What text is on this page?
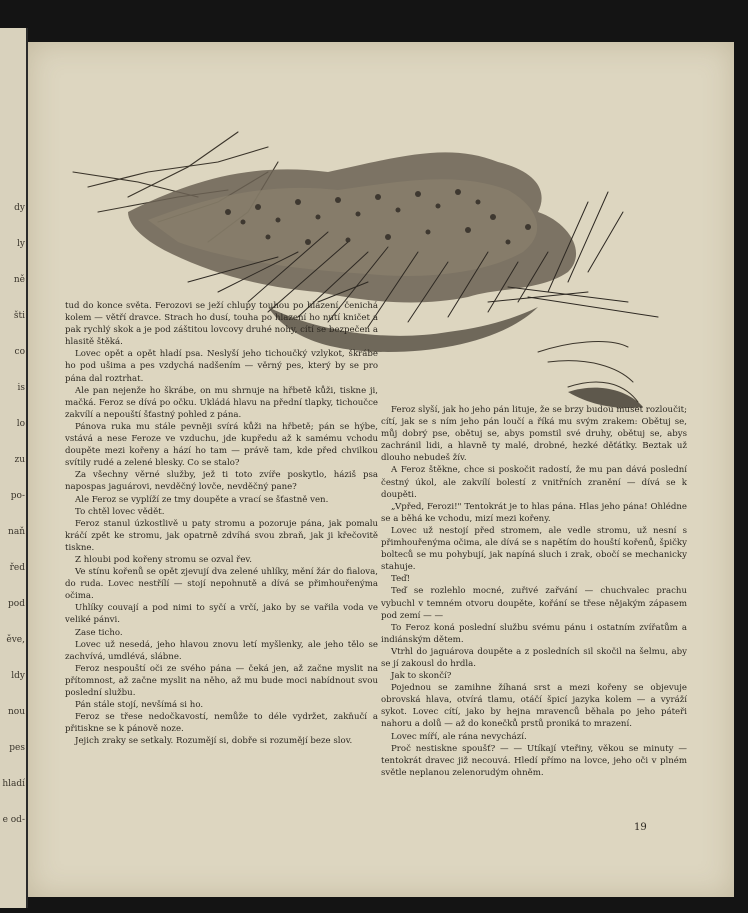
dy
ly
ně
šti
co
is
lo
zu
po-
naň
řed
pod
ěve,
ldy
nou
pes
hladí
e od-

tud do konce světa. Ferozovi se ježí chlupy touhou po hlazení, čenichá kolem — větří dravce. Strach ho dusí, touha po hlazení ho nutí kničet a pak rychlý skok a je pod záštitou lovcovy druhé nohy, cítí se bezpečen a hlasitě štěká.

Lovec opět a opět hladí psa. Neslyší jeho tichoučký vzlykot, škrábe ho pod ušima a pes vzdychá nadšením — věrný pes, který by se pro pána dal roztrhat.

Ale pan nejenže ho škrábe, on mu shrnuje na hřbetě kůži, tiskne ji, mačká. Feroz se dívá po očku. Ukládá hlavu na přední tlapky, tichoučce zakvílí a nepouští šťastný pohled z pána.

Pánova ruka mu stále pevněji svírá kůži na hřbetě; pán se hýbe, vstává a nese Feroze ve vzduchu, jde kupředu až k samému vchodu doupěte mezi kořeny a hází ho tam — právě tam, kde před chvilkou svítily rudé a zelené blesky. Co se stalo?

Za všechny věrné služby, jež ti toto zvíře poskytlo, háziš psa napospas jaguárovi, nevděčný lovče, nevděčný pane?

Ale Feroz se vyplíží ze tmy doupěte a vrací se šťastně ven.

To chtěl lovec vědět.

Feroz stanul úzkostlivě u paty stromu a pozoruje pána, jak pomalu kráčí zpět ke stromu, jak opatrně zdvíhá svou zbraň, jak ji křečovitě tiskne.

Z hloubi pod kořeny stromu se ozval řev.

Ve stínu kořenů se opět zjevují dva zelené uhlíky, mění žár do fialova, do ruda. Lovec nestřílí — stojí nepohnutě a dívá se přimhouřenýma očima.

Uhlíky couvají a pod nimi to syčí a vrčí, jako by se vařila voda ve veliké pánvi.

Zase ticho.

Lovec už nesedá, jeho hlavou znovu letí myšlenky, ale jeho tělo se zachvívá, umdlévá, slábne.

Feroz nespouští oči ze svého pána — čeká jen, až začne myslit na přítomnost, až začne myslit na něho, až mu bude moci nabídnout svou poslední službu.

Pán stále stojí, nevšímá si ho.

Feroz se třese nedočkavostí, nemůže to déle vydržet, zakňučí a přitiskne se k pánově noze.

Jejich zraky se setkaly. Rozumějí si, dobře si rozumějí beze slov.

Feroz slyší, jak ho jeho pán lituje, že se brzy budou muset rozloučit; cítí, jak se s ním jeho pán loučí a říká mu svým zrakem: Obětuj se, můj dobrý pse, obětuj se, abys pomstil své druhy, obětuj se, abys zachránil lidi, a hlavně ty malé, drobné, hezké děťátky. Beztak už dlouho nebudeš žív.

A Feroz štěkne, chce si poskočit radostí, že mu pan dává poslední čestný úkol, ale zakvílí bolestí z vnitřních zranění — dívá se k doupěti.

„Vpřed, Ferozi!" Tentokrát je to hlas pána. Hlas jeho pána! Ohlédne se a běhá ke vchodu, mizí mezi kořeny.

Lovec už nestojí před stromem, ale vedle stromu, už nesní s přimhouřenýma očima, ale dívá se s napětím do houští kořenů, špičky bolteců se mu pohybují, jak napíná sluch i zrak, obočí se mechanicky stahuje.

Teď!

Teď se rozlehlo mocné, zuřivé zařvání — chuchvalec prachu vybuchl v temném otvoru doupěte, kořání se třese nějakým zápasem pod zemí — —

To Feroz koná poslední službu svému pánu i ostatním zvířatům a indiánským dětem.

Vtrhl do jaguárova doupěte a z posledních sil skočil na šelmu, aby se jí zakousl do hrdla.

Jak to skončí?

Pojednou se zamihne žíhaná srst a mezi kořeny se objevuje obrovská hlava, otvírá tlamu, otáčí špicí jazyka kolem — a vyráží sykot. Lovec cítí, jako by hejna mravenců běhala po jeho páteři nahoru a dolů — až do konečků prstů proniká to mrazení.

Lovec míří, ale rána nevychází.

Proč nestiskne spoušť? — — Utíkají vteřiny, věkou se minuty — tentokrát dravec již necouvá. Hledí přímo na lovce, jeho oči v plném světle neplanou zelenorudým ohněm.

19
